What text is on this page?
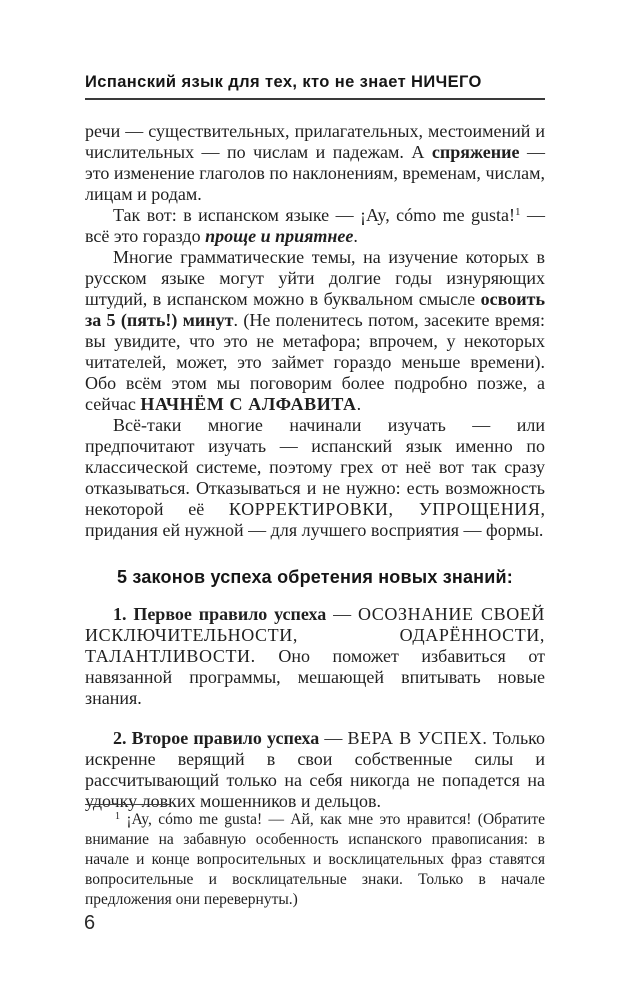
Испанский язык для тех, кто не знает НИЧЕГО

речи — существительных, прилагательных, местоимений и числительных — по числам и падежам. А спряжение — это изменение глаголов по наклонениям, временам, числам, лицам и родам.

Так вот: в испанском языке — ¡Ay, cómo me gusta!$^1$ — всё это гораздо проще и приятнее.

Многие грамматические темы, на изучение которых в русском языке могут уйти долгие годы изнуряющих штудий, в испанском можно в буквальном смысле освоить за 5 (пять!) минут. (Не поленитесь потом, засеките время: вы увидите, что это не метафора; впрочем, у некоторых читателей, может, это займет гораздо меньше времени). Обо всём этом мы поговорим более подробно позже, а сейчас НАЧНЁМ С АЛФАВИТА.

Всё-таки многие начинали изучать — или предпочитают изучать — испанский язык именно по классической системе, поэтому грех от неё вот так сразу отказываться. Отказываться и не нужно: есть возможность некоторой её КОРРЕКТИРОВКИ, УПРОЩЕНИЯ, придания ей нужной — для лучшего восприятия — формы.

5 законов успеха обретения новых знаний:

1. Первое правило успеха — ОСОЗНАНИЕ СВОЕЙ ИСКЛЮЧИТЕЛЬНОСТИ, ОДАРЁННОСТИ, ТАЛАНТЛИВОСТИ. Оно поможет избавиться от навязанной программы, мешающей впитывать новые знания.

2. Второе правило успеха — ВЕРА В УСПЕХ. Только искренне верящий в свои собственные силы и рассчитывающий только на себя никогда не попадется на удочку ловких мошенников и дельцов.

$^1$ ¡Ay, cómo me gusta! — Ай, как мне это нравится! (Обратите внимание на забавную особенность испанского правописания: в начале и конце вопросительных и восклицательных фраз ставятся вопросительные и восклицательные знаки. Только в начале предложения они перевернуты.)

6
